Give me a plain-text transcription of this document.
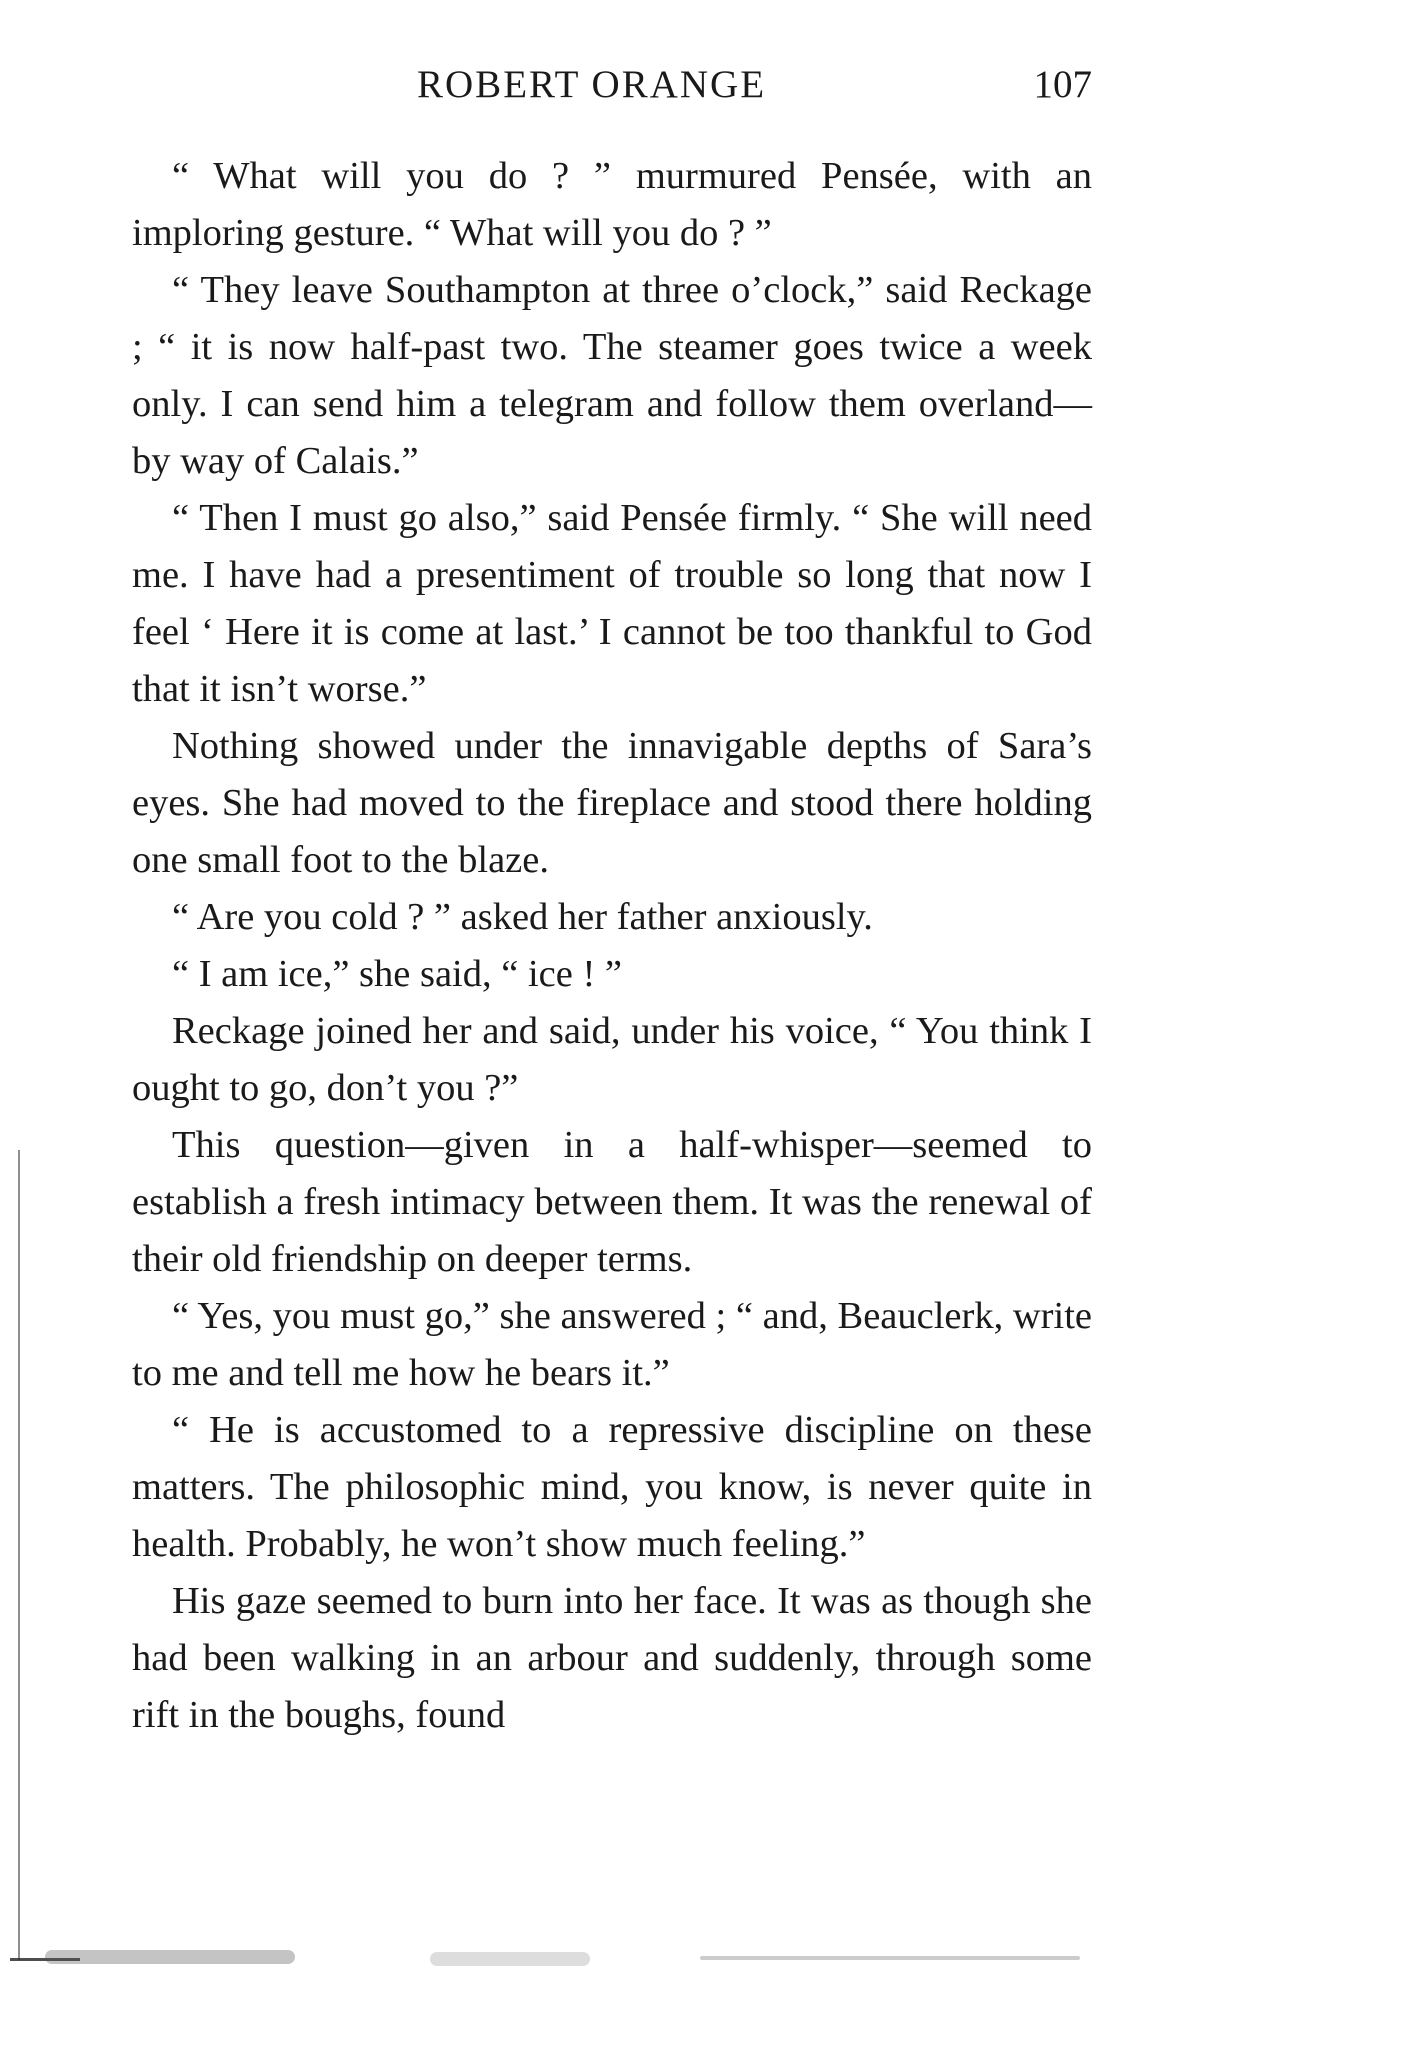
ROBERT ORANGE	107

“ What will you do ? ” murmured Pensée, with an imploring gesture. “ What will you do ? ”

“ They leave Southampton at three o’clock,” said Reckage ; “ it is now half-past two. The steamer goes twice a week only. I can send him a telegram and follow them overland—by way of Calais.”

“ Then I must go also,” said Pensée firmly. “ She will need me. I have had a presentiment of trouble so long that now I feel ‘ Here it is come at last.’ I cannot be too thankful to God that it isn’t worse.”

Nothing showed under the innavigable depths of Sara’s eyes. She had moved to the fireplace and stood there holding one small foot to the blaze.

“ Are you cold ? ” asked her father anxiously.

“ I am ice,” she said, “ ice ! ”

Reckage joined her and said, under his voice, “ You think I ought to go, don’t you ?”

This question—given in a half-whisper—seemed to establish a fresh intimacy between them. It was the renewal of their old friendship on deeper terms.

“ Yes, you must go,” she answered ; “ and, Beauclerk, write to me and tell me how he bears it.”

“ He is accustomed to a repressive discipline on these matters. The philosophic mind, you know, is never quite in health. Probably, he won’t show much feeling.”

His gaze seemed to burn into her face. It was as though she had been walking in an arbour and suddenly, through some rift in the boughs, found
